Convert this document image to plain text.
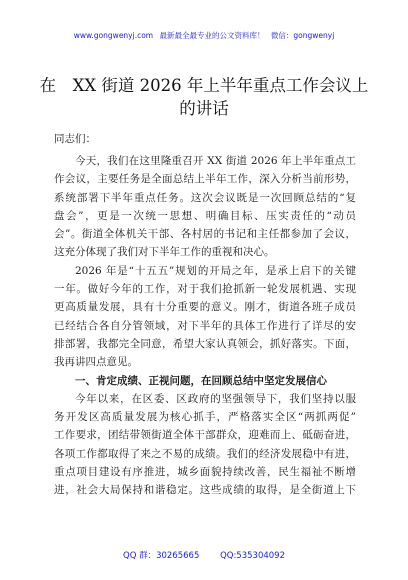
www.gongwenyj.com 最新最全最专业的公文资料库！ 微信：gongwenyj
在　XX 街道 2026 年上半年重点工作会议上
的讲话
同志们：
今天，我们在这里隆重召开 XX 街道 2026 年上半年重点工
作会议，主要任务是全面总结上半年工作，深入分析当前形势，
系统部署下半年重点任务。这次会议既是一次回顾总结的“复
盘会”，更是一次统一思想、明确目标、压实责任的“动员
会”。街道全体机关干部、各村居的书记和主任都参加了会议，
这充分体现了我们对下半年工作的重视和决心。
2026 年是“十五五”规划的开局之年，是承上启下的关键
一年。做好今年的工作，对于我们抢抓新一轮发展机遇、实现
更高质量发展，具有十分重要的意义。刚才，街道各班子成员
已经结合各自分管领域，对下半年的具体工作进行了详尽的安
排部署，我都完全同意，希望大家认真领会，抓好落实。下面，
我再讲四点意见。
一、肯定成绩、正视问题，在回顾总结中坚定发展信心
今年以来，在区委、区政府的坚强领导下，我们坚持以服
务开发区高质量发展为核心抓手，严格落实全区“两抓两促”
工作要求，团结带领街道全体干部群众，迎难而上、砥砺奋进，
各项工作都取得了来之不易的成绩。我们的经济发展稳中有进，
重点项目建设有序推进，城乡面貌持续改善，民生福祉不断增
进，社会大局保持和谐稳定。这些成绩的取得，是全街道上下
QQ 群：30265665 QQ:535304092
